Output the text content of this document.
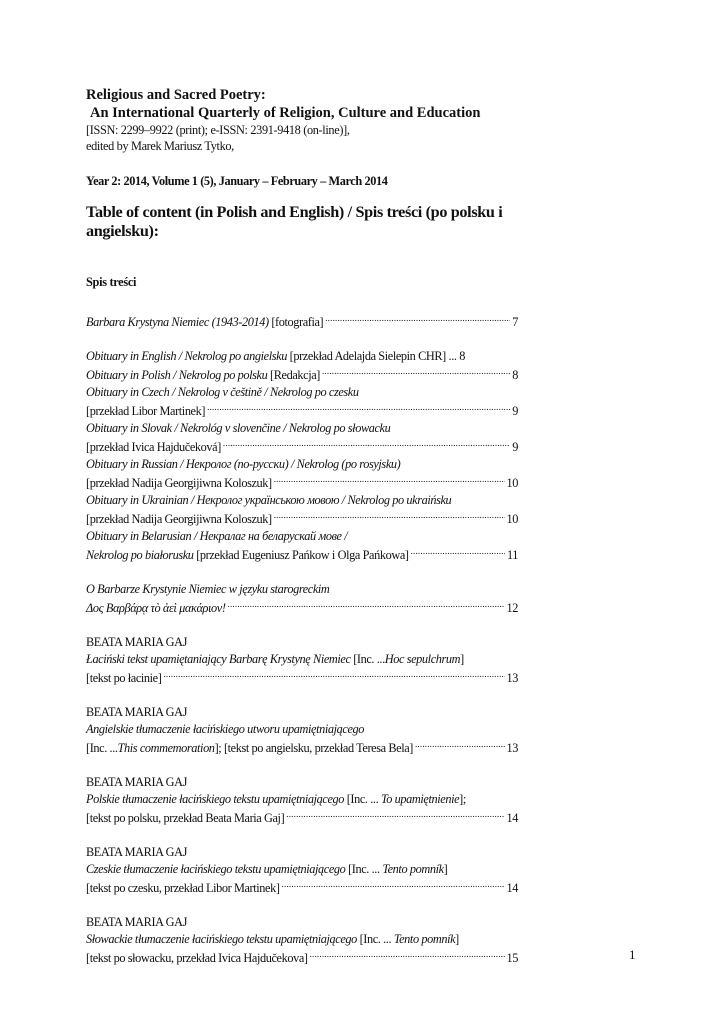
Religious and Sacred Poetry:
An International Quarterly of Religion, Culture and Education
[ISSN: 2299–9922 (print); e-ISSN: 2391-9418 (on-line)],
edited by Marek Mariusz Tytko,
Year 2: 2014, Volume 1 (5), January – February – March 2014
Table of content (in Polish and English) / Spis treści (po polsku i angielsku):
Spis treści
Barbara Krystyna Niemiec (1943-2014) [fotografia] .....	7
Obituary in English / Nekrolog po angielsku [przekład Adelajda Sielepin CHR] ... 8
Obituary in Polish / Nekrolog po polsku [Redakcja] .....	8
Obituary in Czech / Nekrolog v češtině / Nekrolog po czesku
[przekład Libor Martinek] .....	9
Obituary in Slovak / Nekrológ v slovenčine / Nekrolog po słowacku
[przekład Ivica Hajdučeková] .....	9
Obituary in Russian / Некролог (по-русски) / Nekrolog (po rosyjsku)
[przekład Nadija Georgijiwna Koloszuk] .....	10
Obituary in Ukrainian / Некролог українською мовою / Nekrolog po ukraińsku
[przekład Nadija Georgijiwna Koloszuk] .....	10
Obituary in Belarusian / Некралаг на беларускай мове /
Nekrolog po białorusku [przekład Eugeniusz Pańkow i Olga Pańkowa] .....	11
O Barbarze Krystynie Niemiec w języku starogreckim
Δος Βαρβάρᾳ τὸ ἀεὶ μακάριον! .....	12
BEATA MARIA GAJ
Łaciński tekst upamiętaniający Barbarę Krystynę Niemiec [Inc. ...Hoc sepulchrum]
[tekst po łacinie] .....	13
BEATA MARIA GAJ
Angielskie tłumaczenie łacińskiego utworu upamiętniającego
[Inc. ...This commemoration]; [tekst po angielsku, przekład Teresa Bela] .....	13
BEATA MARIA GAJ
Polskie tłumaczenie łacińskiego tekstu upamiętniającego [Inc. ... To upamiętnienie];
[tekst po polsku, przekład Beata Maria Gaj] .....	14
BEATA MARIA GAJ
Czeskie tłumaczenie łacińskiego tekstu upamiętniającego [Inc. ... Tento pomník]
[tekst po czesku, przekład Libor Martinek] .....	14
BEATA MARIA GAJ
Słowackie tłumaczenie łacińskiego tekstu upamiętniającego [Inc. ... Tento pomník]
[tekst po słowacku, przekład Ivica Hajdučekova] .....	15	1
